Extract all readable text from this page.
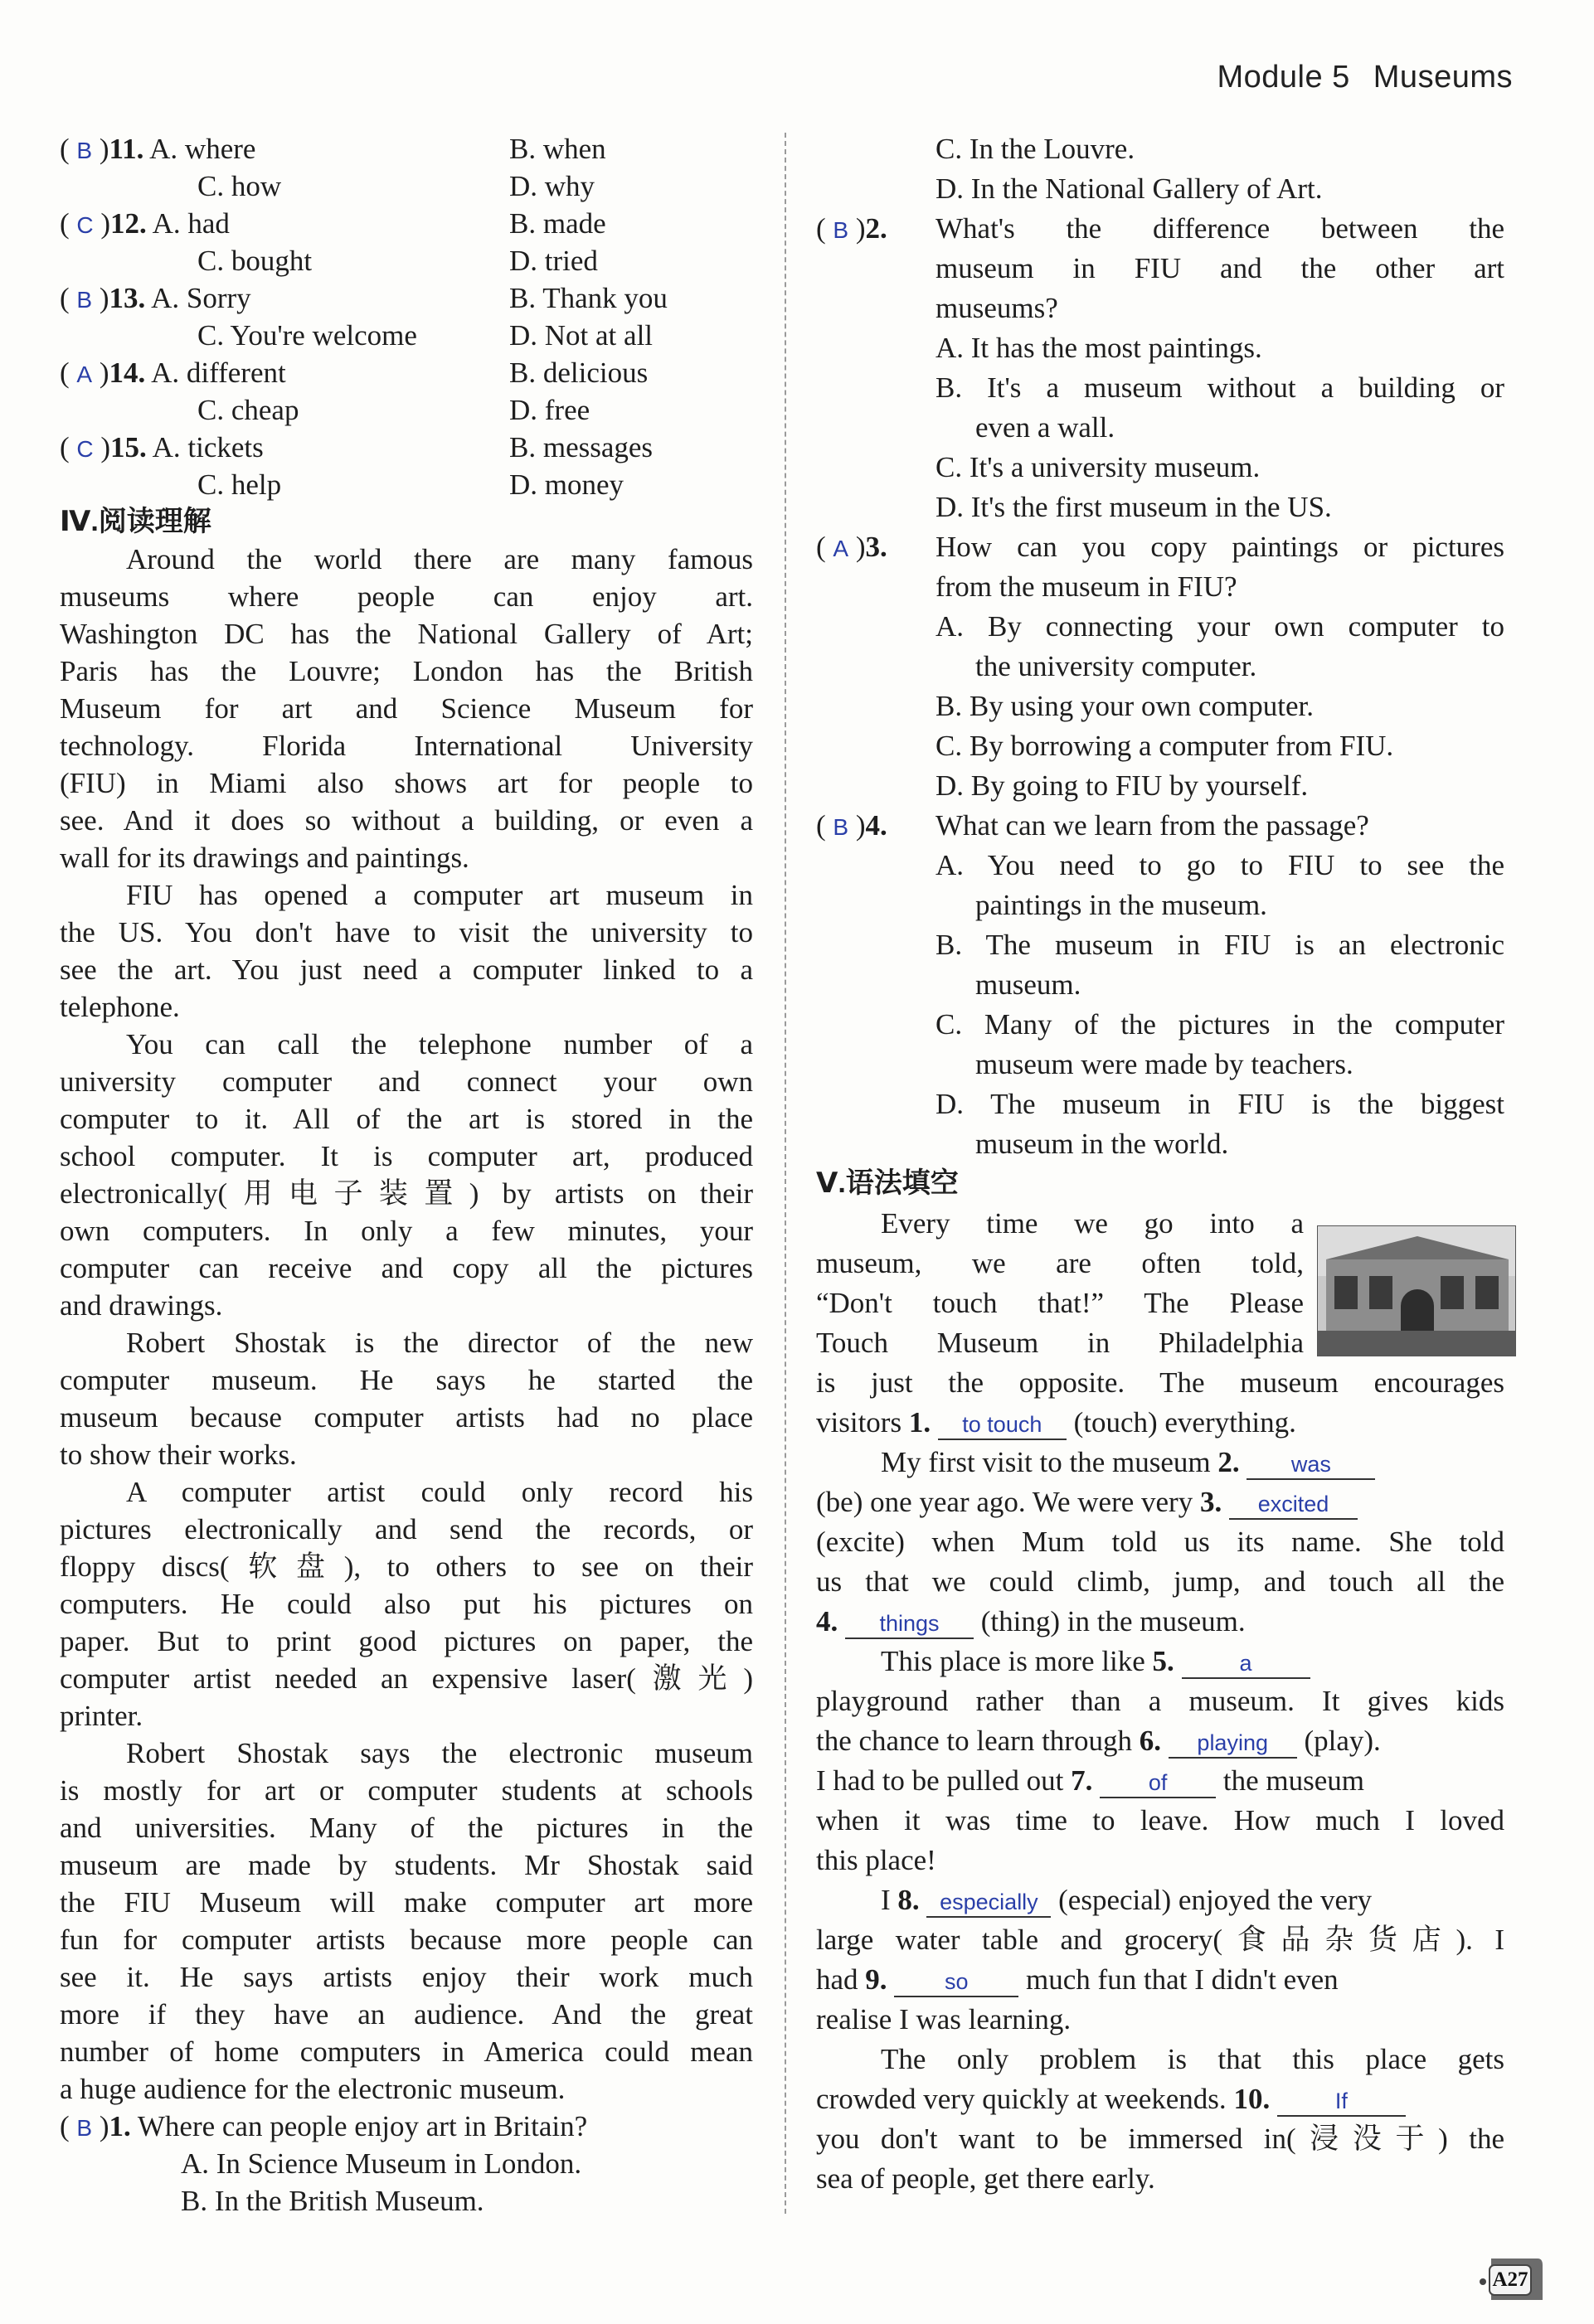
Module 5 Museums
( B )11. A. where	B. when
C. how	D. why
( C )12. A. had	B. made
C. bought	D. tried
( B )13. A. Sorry	B. Thank you
C. You're welcome	D. Not at all
( A )14. A. different	B. delicious
C. cheap	D. free
( C )15. A. tickets	B. messages
C. help	D. money
Ⅳ.阅读理解
Around the world there are many famous
museums where people can enjoy art.
Washington DC has the National Gallery of Art;
Paris has the Louvre; London has the British
Museum for art and Science Museum for
technology. Florida International University
(FIU) in Miami also shows art for people to
see. And it does so without a building, or even a
wall for its drawings and paintings.
FIU has opened a computer art museum in
the US. You don't have to visit the university to
see the art. You just need a computer linked to a
telephone.
You can call the telephone number of a
university computer and connect your own
computer to it. All of the art is stored in the
school computer. It is computer art, produced
electronically(用电子装置) by artists on their
own computers. In only a few minutes, your
computer can receive and copy all the pictures
and drawings.
Robert Shostak is the director of the new
computer museum. He says he started the
museum because computer artists had no place
to show their works.
A computer artist could only record his
pictures electronically and send the records, or
floppy discs(软盘), to others to see on their
computers. He could also put his pictures on
paper. But to print good pictures on paper, the
computer artist needed an expensive laser(激光)
printer.
Robert Shostak says the electronic museum
is mostly for art or computer students at schools
and universities. Many of the pictures in the
museum are made by students. Mr Shostak said
the FIU Museum will make computer art more
fun for computer artists because more people can
see it. He says artists enjoy their work much
more if they have an audience. And the great
number of home computers in America could mean
a huge audience for the electronic museum.
( B )1. Where can people enjoy art in Britain?
A. In Science Museum in London.
B. In the British Museum.
C. In the Louvre.
D. In the National Gallery of Art.
( B )2. What's the difference between the
museum in FIU and the other art
museums?
A. It has the most paintings.
B. It's a museum without a building or
even a wall.
C. It's a university museum.
D. It's the first museum in the US.
( A )3. How can you copy paintings or pictures
from the museum in FIU?
A. By connecting your own computer to
the university computer.
B. By using your own computer.
C. By borrowing a computer from FIU.
D. By going to FIU by yourself.
( B )4. What can we learn from the passage?
A. You need to go to FIU to see the
paintings in the museum.
B. The museum in FIU is an electronic
museum.
C. Many of the pictures in the computer
museum were made by teachers.
D. The museum in FIU is the biggest
museum in the world.
Ⅴ.语法填空
Every time we go into a
museum, we are often told,
“Don't touch that!” The Please
Touch Museum in Philadelphia
is just the opposite. The museum encourages
visitors 1. to touch (touch) everything.
My first visit to the museum 2. was
(be) one year ago. We were very 3. excited
(excite) when Mum told us its name. She told
us that we could climb, jump, and touch all the
4. things (thing) in the museum.
This place is more like 5.	a
playground rather than a museum. It gives kids
the chance to learn through 6. playing (play).
I had to be pulled out 7. of the museum
when it was time to leave. How much I loved
this place!
I 8. especially (especial) enjoyed the very
large water table and grocery(食品杂货店). I
had 9.	so much fun that I didn't even
realise I was learning.
The only problem is that this place gets
crowded very quickly at weekends. 10.	If
you don't want to be immersed in(浸没于) the
sea of people, get there early.
A27
